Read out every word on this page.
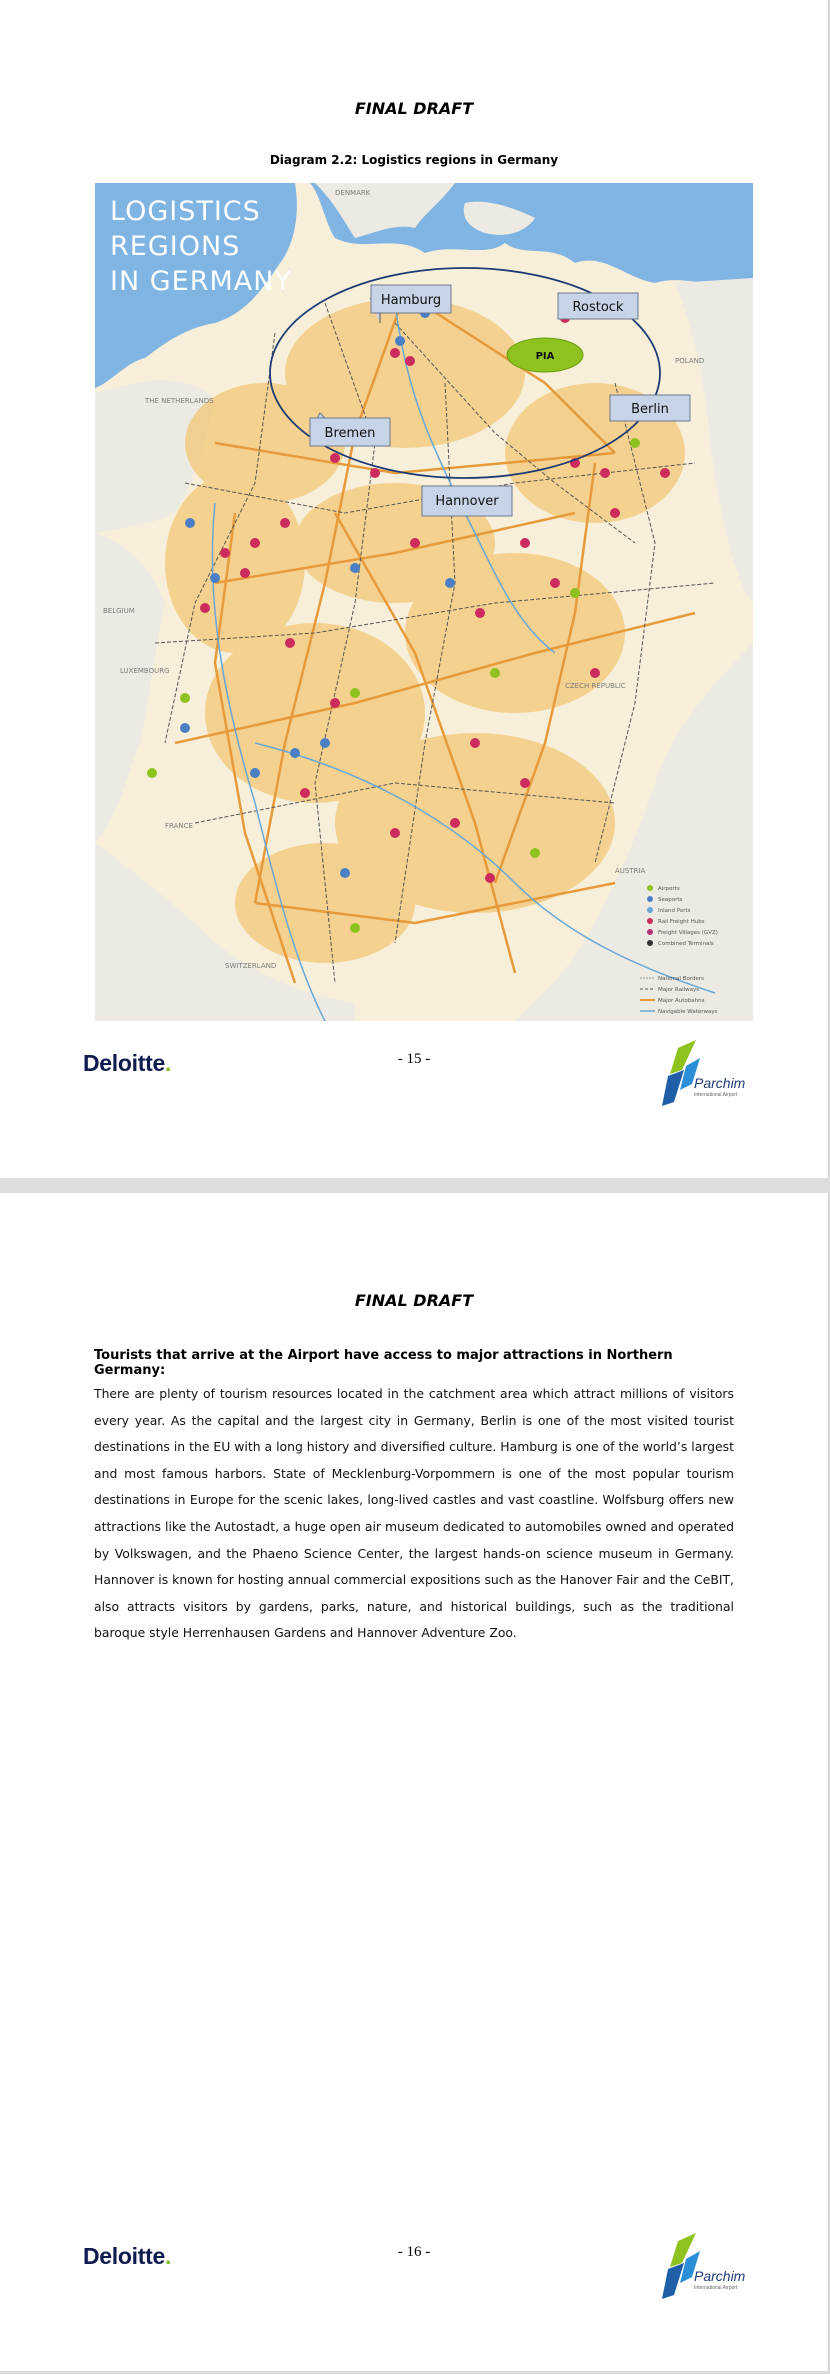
FINAL DRAFT
Diagram 2.2: Logistics regions in Germany
LOGISTICS
REGIONS
IN GERMANY
THE NETHERLANDS
BELGIUM
LUXEMBOURG
FRANCE
SWITZERLAND
AUSTRIA
CZECH REPUBLIC
DENMARK
POLAND
Hamburg	Rostock
PIA
Berlin
Bremen
Hannover
Airports
Seaports
Inland Ports
Rail Freight Hubs
Freight Villages (GVZ)
Combined Terminals
National Borders
Major Railways
Major Autobahns
Navigable Waterways
Deloitte.	- 15 -
Parchim
International Airport
FINAL DRAFT
Tourists that arrive at the Airport have access to major attractions in Northern Germany:

There are plenty of tourism resources located in the catchment area which attract millions of visitors every year. As the capital and the largest city in Germany, Berlin is one of the most visited tourist destinations in the EU with a long history and diversified culture. Hamburg is one of the world’s largest and most famous harbors. State of Mecklenburg-Vorpommern is one of the most popular tourism destinations in Europe for the scenic lakes, long-lived castles and vast coastline. Wolfsburg offers new attractions like the Autostadt, a huge open air museum dedicated to automobiles owned and operated by Volkswagen, and the Phaeno Science Center, the largest hands-on science museum in Germany. Hannover is known for hosting annual commercial expositions such as the Hanover Fair and the CeBIT, also attracts visitors by gardens, parks, nature, and historical buildings, such as the traditional baroque style Herrenhausen Gardens and Hannover Adventure Zoo.

Deloitte.	- 16 -
Parchim
International Airport
